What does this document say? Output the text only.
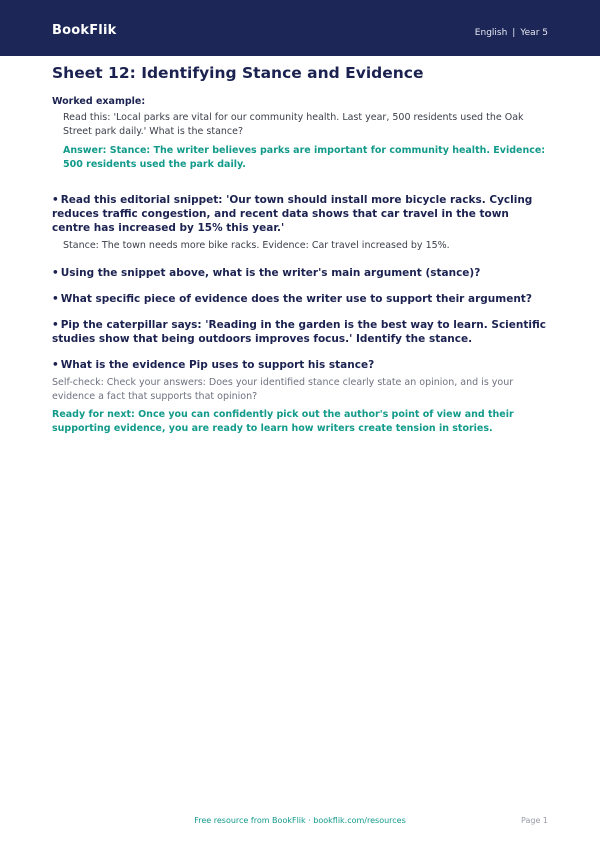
BookFlik	English | Year 5
Sheet 12: Identifying Stance and Evidence

Worked example:

Read this: 'Local parks are vital for our community health. Last year, 500 residents used the Oak Street park daily.' What is the stance?

Answer: Stance: The writer believes parks are important for community health. Evidence: 500 residents used the park daily.

• Read this editorial snippet: 'Our town should install more bicycle racks. Cycling reduces traffic congestion, and recent data shows that car travel in the town centre has increased by 15% this year.'

Stance: The town needs more bike racks. Evidence: Car travel increased by 15%.

• Using the snippet above, what is the writer's main argument (stance)?

• What specific piece of evidence does the writer use to support their argument?

• Pip the caterpillar says: 'Reading in the garden is the best way to learn. Scientific studies show that being outdoors improves focus.' Identify the stance.

• What is the evidence Pip uses to support his stance?

Self-check: Check your answers: Does your identified stance clearly state an opinion, and is your evidence a fact that supports that opinion?

Ready for next: Once you can confidently pick out the author's point of view and their supporting evidence, you are ready to learn how writers create tension in stories.

Free resource from BookFlik · bookflik.com/resources	Page 1
